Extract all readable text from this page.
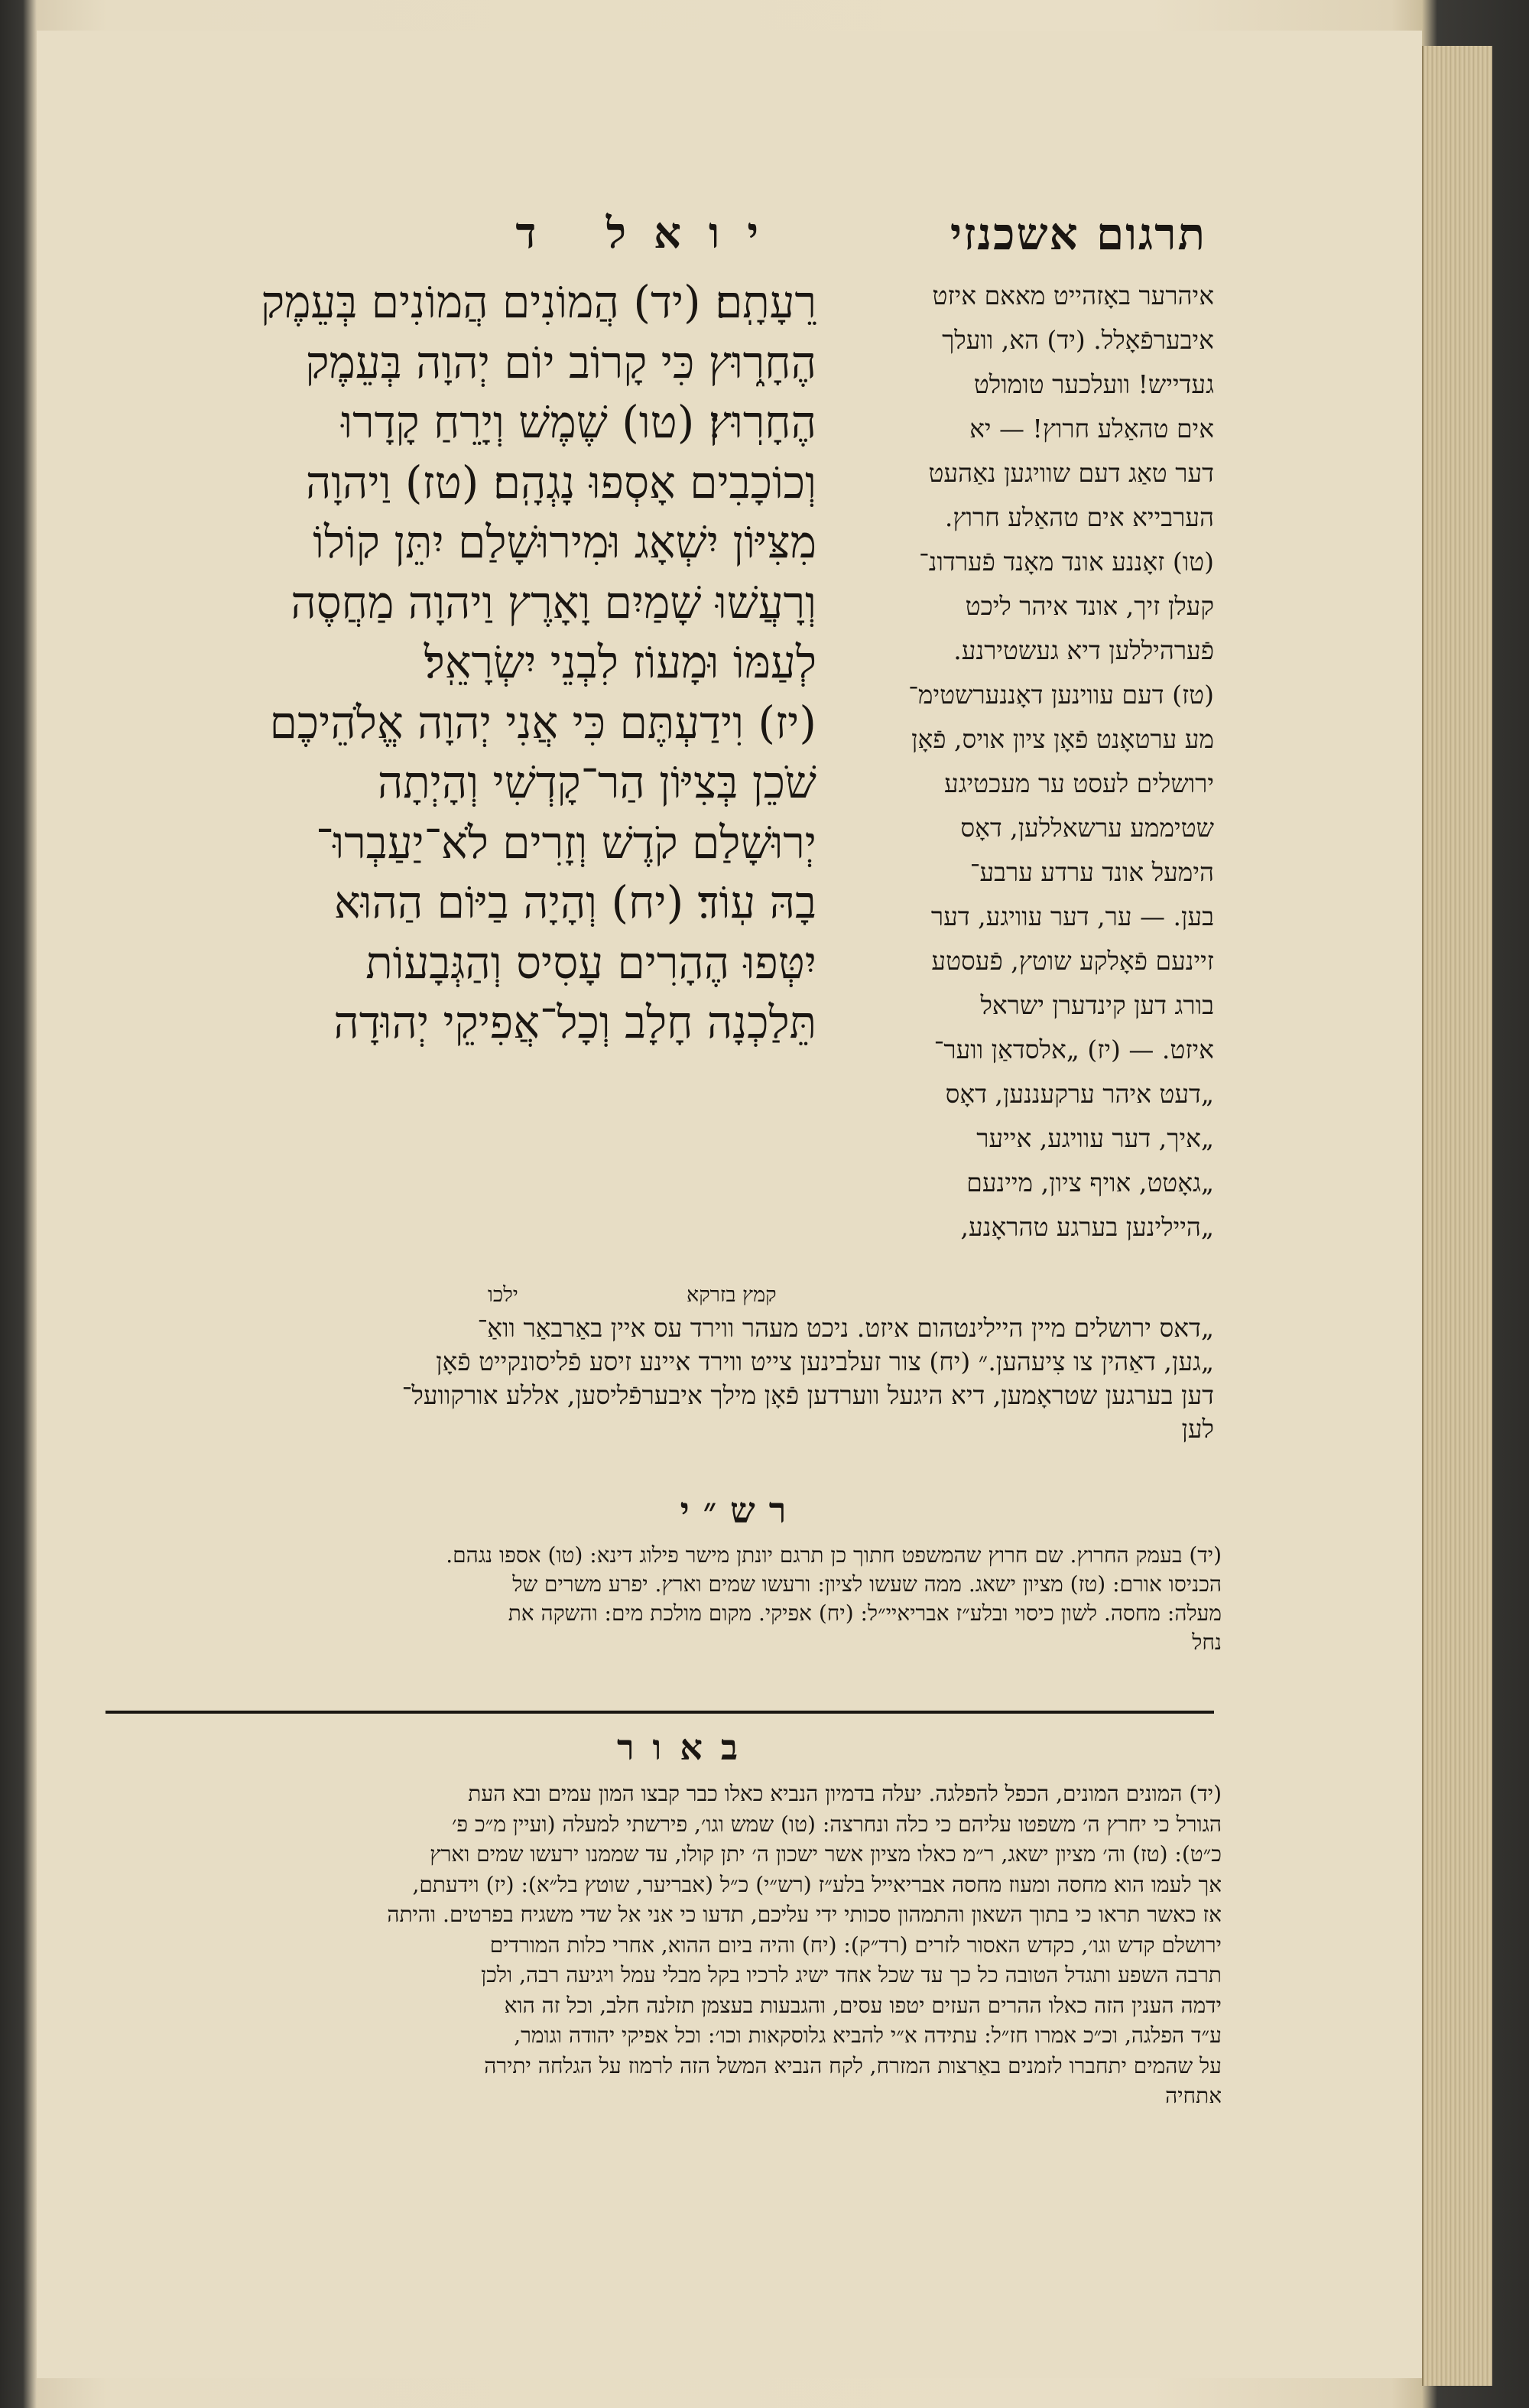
תרגום אשכנזי
יואל ד
איהרער באָזהייט מאאם איזט
איבערפֿאָלל. (יד) הא, וועלך
געדייש! וועלכער טומולט
אים טהאַלע חרוץ! — יא
דער טאַג דעם שוויגען נאַהעט
הערבייא אים טהאַלע חרוץ.
(טו) זאָננע אונד מאָנד פֿערדונ־
קעלן זיך, אונד איהר ליכט
פֿערהיללען דיא געשטירנע.
(טז) דעם עווינען דאָננערשטימ־
מע ערטאָנט פֿאָן ציון אויס, פֿאָן
ירושלים לעסט ער מעכטיגע
שטיממע ערשאללען, דאָס
הימעל אונד ערדע ערבע־
בען. — ער, דער עוויגע, דער
זיינעם פֿאָלקע שוטץ, פֿעסטע
בורג דען קינדערן ישראל
איזט. — (יז) „אלסדאַן ווער־
„דעט איהר ערקעננען, דאָס
„איך, דער עוויגע, אייער
„גאָטט, אויף ציון, מיינעם
„היילינען בערגע טהראָנע,
רֵעָתָֽם׃ (יד) הֲמוֹנִים הֲמוֹנִים בְּעֵמֶק
הֶחָר֑וּץ כִּי קָרוֹב יוֹם יְהוָה בְּעֵמֶק
הֶחָרֽוּץ׃ (טו) שֶׁמֶשׁ וְיָרֵחַ קָדָרוּ
וְכוֹכָבִים אָסְפוּ נָגְהָֽם׃ (טז) וַיהוָה
מִצִּיּוֹן יִשְׁאָג וּמִירוּשָׁלַם יִתֵּן קוֹלוֹ
וְרָעֲשׁוּ שָׁמַיִם וָאָרֶץ וַיהוָה מַחֲסֶה
לְעַמּוֹ וּמָעוֹז לִבְנֵי יִשְׂרָאֵֽל׃
(יז) וִידַעְתֶּם כִּי אֲנִי יְהוָה אֱלֹהֵיכֶם
שֹׁכֵן בְּצִיּוֹן הַר־קָדְשִׁי וְהָיְתָה
יְרוּשָׁלַם קֹדֶשׁ וְזָרִים לֹא־יַעַבְרוּ־
בָהּ עֽוֹד׃ (יח) וְהָיָה בַיּוֹם הַהוּא
יִטְּפוּ הֶהָרִים עָסִיס וְהַגְּבָעוֹת
תֵּלַכְנָה חָלָב וְכָל־אֲפִיקֵי יְהוּדָה
ילכו	קמץ בזרקא
„דאס ירושלים מיין היילינטהום איזט. ניכט מעהר ווירד עס איין באַרבאַר וואַ־
„גען, דאַהין צו צִיעהען.״ (יח) צור זעלבינען צייט ווירד איינע זיסע פֿליסונקייט פֿאָן
דען בערגען שטראָמען, דיא היגעל ווערדען פֿאָן מילך איבערפֿליסען, אללע אורקוועל־
לען
רש״י
(יד) בעמק החרוץ. שם חרוץ שהמשפט חתוך כן תרגם יונתן מישר פילוג דינא: (טו) אספו נגהם.
הכניסו אורם: (טז) מציון ישאג. ממה שעשו לציון: ורעשו שמים וארץ. יפרע משרים של
מעלה: מחסה. לשון כיסוי ובלע״ז אבריאיי״ל: (יח) אפיקי. מקום מולכת מים: והשקה את
נחל
באור
(יד) המונים המונים, הכפל להפלגה. יעלה בדמיון הנביא כאלו כבר קבצו המון עמים ובא העת
הגורל כי יחרץ ה׳ משפטו עליהם כי כלה ונחרצה: (טו) שמש וגו׳, פירשתי למעלה (ועיין מ״כ פ׳
כ״ט): (טז) וה׳ מציון ישאג, ר״מ כאלו מציון אשר ישכון ה׳ יתן קולו, עד שממנו ירעשו שמים וארץ
אך לעמו הוא מחסה ומעוז מחסה אבריאייל בלע״ז (רש״י) כ״ל (אבריער, שוטץ בל״א): (יז) וידעתם,
אז כאשר תראו כי בתוך השאון והתמהון סכותי ידי עליכם, תדעו כי אני אל שדי משגיח בפרטים. והיתה
ירושלם קדש וגו׳, כקדש האסור לזרים (רד״ק): (יח) והיה ביום ההוא, אחרי כלות המורדים
תרבה השפע ותגדל הטובה כל כך עד שכל אחד ישיג לרכיו בקל מבלי עמל ויגיעה רבה, ולכן
ידמה הענין הזה כאלו ההרים העזים יטפו עסים, והגבעות בעצמן תזלנה חלב, וכל זה הוא
ע״ד הפלגה, וכ״כ אמרו חז״ל: עתידה א״י להביא גלוסקאות וכו׳: וכל אפיקי יהודה וגומר,
על שהמים יתחברו לזמנים באַרצות המזרח, לקח הנביא המשל הזה לרמוז על הגלחה יתירה
אתחיה
